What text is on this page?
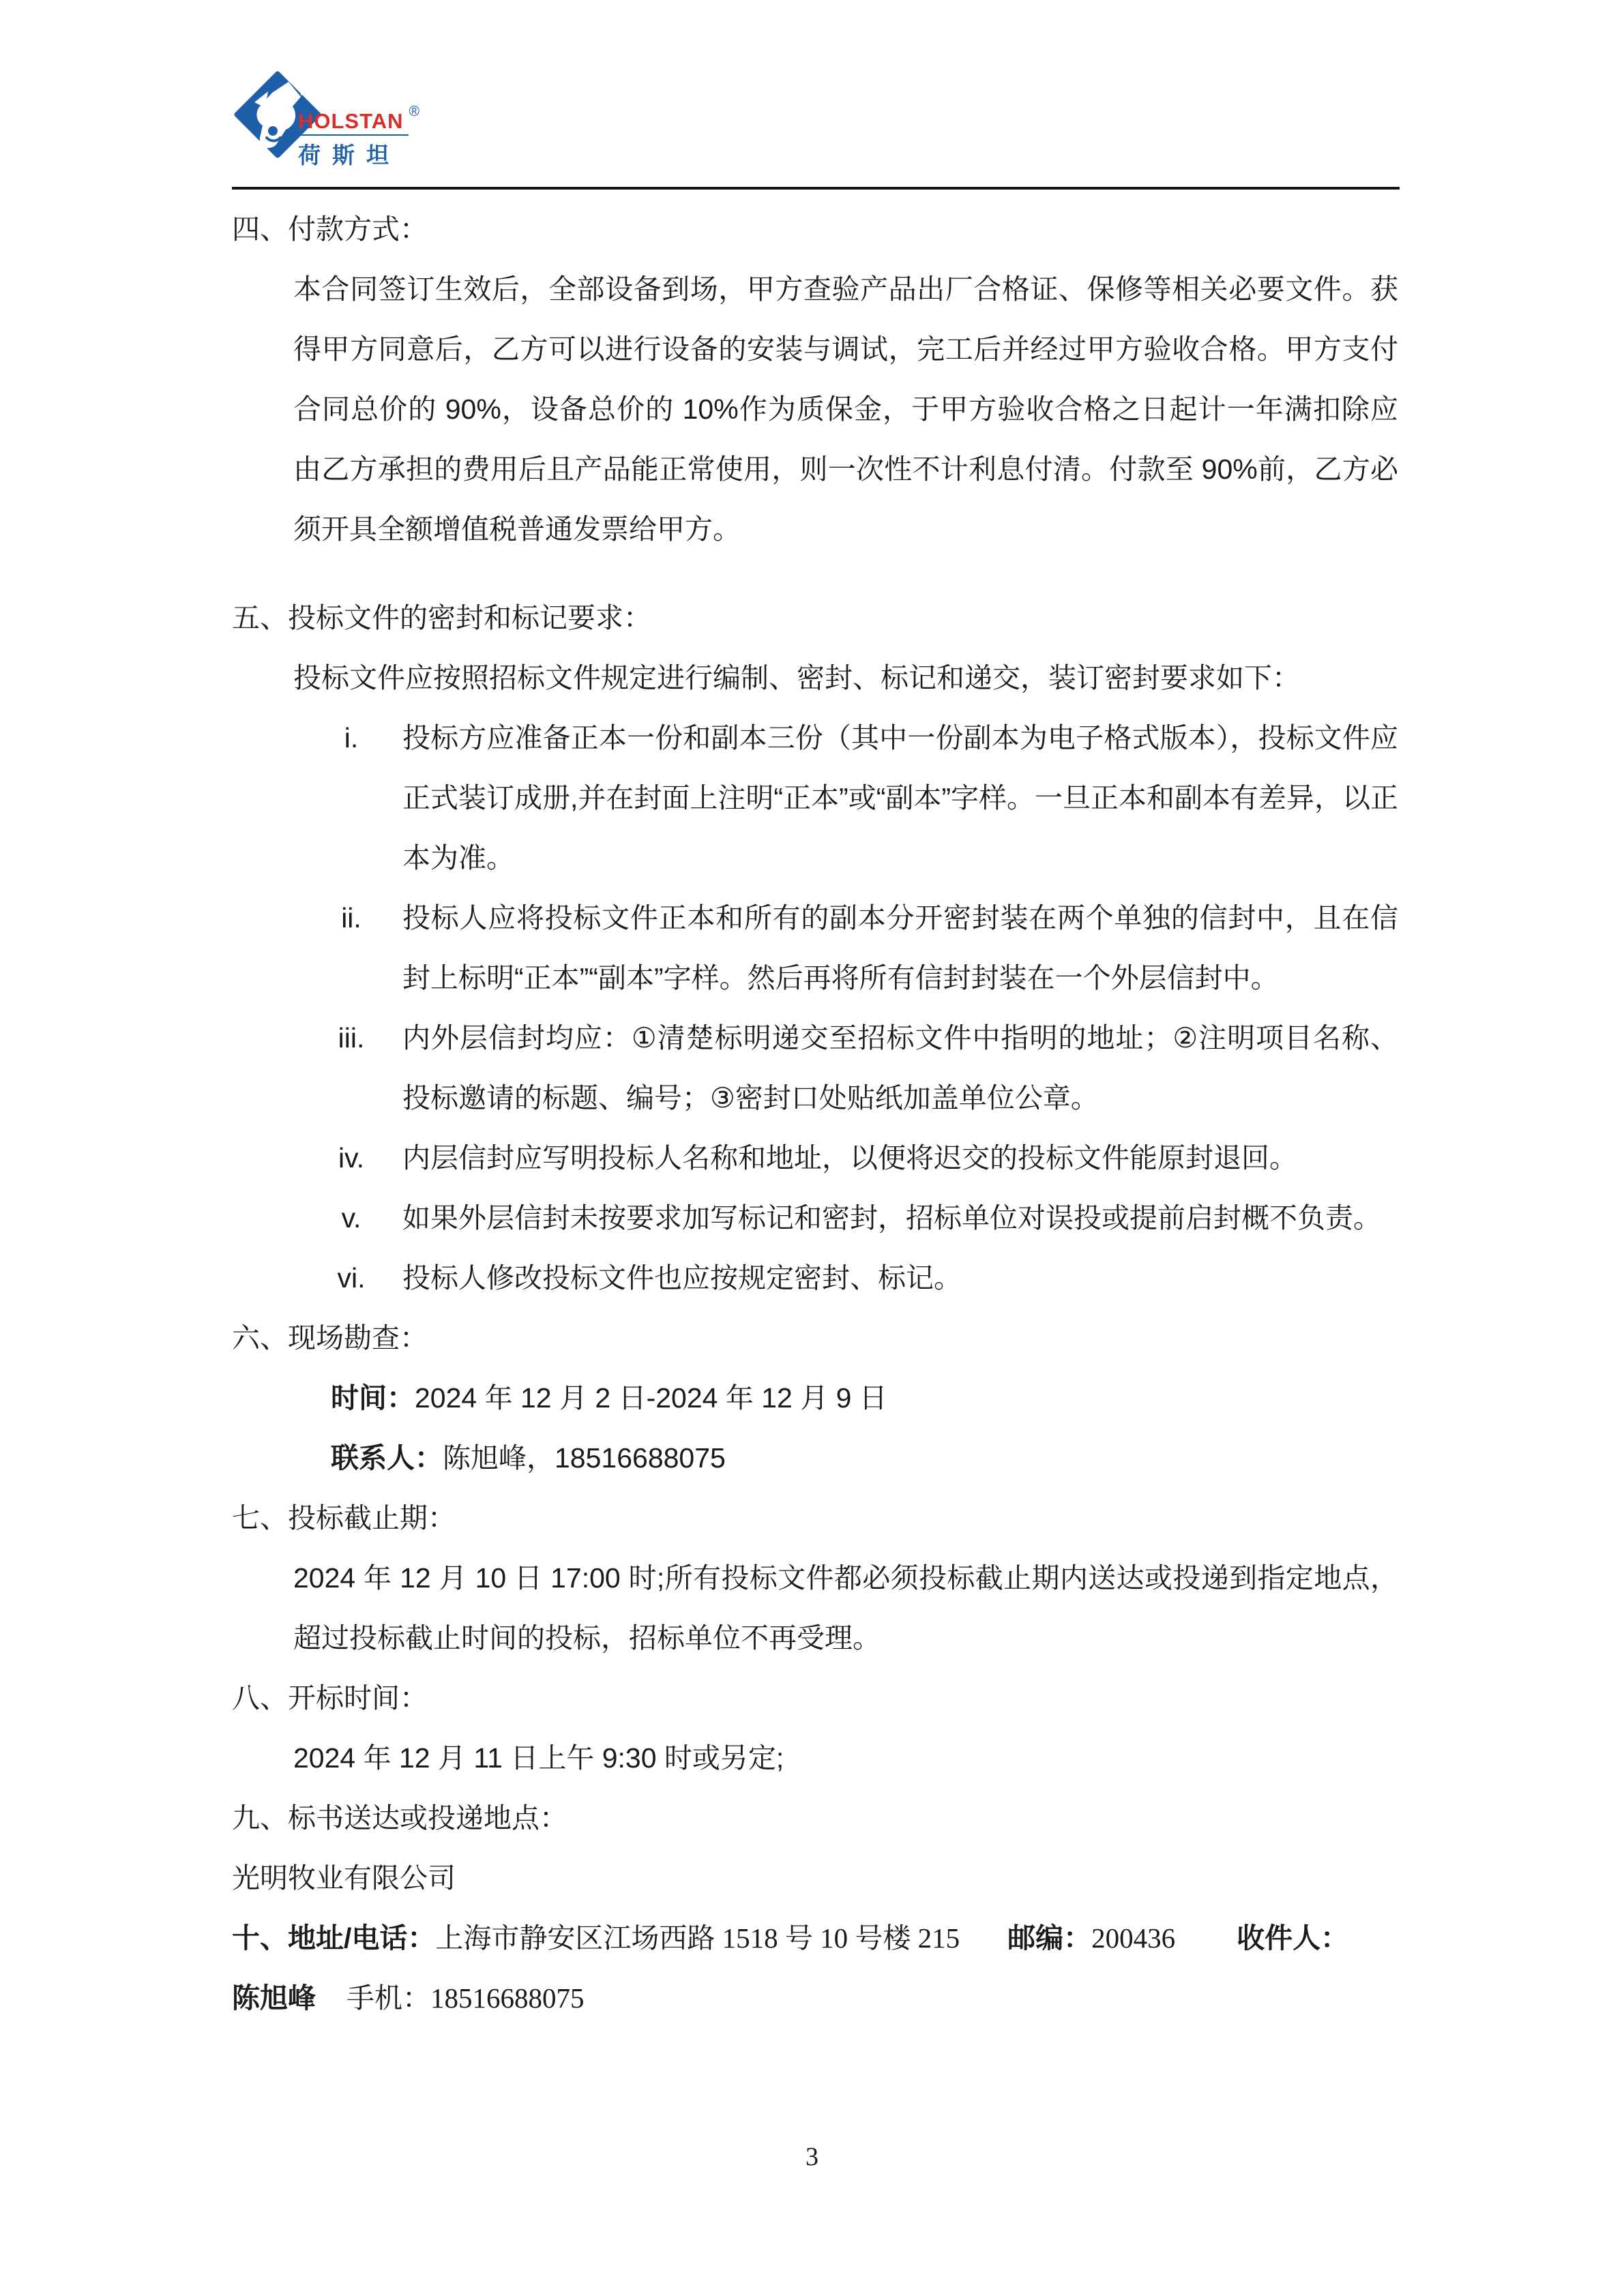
HOLSTAN ®
荷斯坦
四、付款方式：
本合同签订生效后，全部设备到场，甲方查验产品出厂合格证、保修等相关必要文件。获得甲方同意后，乙方可以进行设备的安装与调试，完工后并经过甲方验收合格。甲方支付合同总价的 90%，设备总价的 10%作为质保金，于甲方验收合格之日起计一年满扣除应由乙方承担的费用后且产品能正常使用，则一次性不计利息付清。付款至 90%前，乙方必须开具全额增值税普通发票给甲方。
五、投标文件的密封和标记要求：
投标文件应按照招标文件规定进行编制、密封、标记和递交，装订密封要求如下：
i.	投标方应准备正本一份和副本三份（其中一份副本为电子格式版本），投标文件应正式装订成册,并在封面上注明“正本”或“副本”字样。一旦正本和副本有差异，以正本为准。
ii.	投标人应将投标文件正本和所有的副本分开密封装在两个单独的信封中，且在信封上标明“正本”“副本”字样。然后再将所有信封封装在一个外层信封中。
iii.	内外层信封均应：①清楚标明递交至招标文件中指明的地址；②注明项目名称、投标邀请的标题、编号；③密封口处贴纸加盖单位公章。
iv.	内层信封应写明投标人名称和地址，以便将迟交的投标文件能原封退回。
v.	如果外层信封未按要求加写标记和密封，招标单位对误投或提前启封概不负责。
vi.	投标人修改投标文件也应按规定密封、标记。
六、现场勘查：
时间：2024 年 12 月 2 日-2024 年 12 月 9 日
联系人：陈旭峰，18516688075
七、投标截止期：
2024 年 12 月 10 日 17:00 时;所有投标文件都必须投标截止期内送达或投递到指定地点，超过投标截止时间的投标，招标单位不再受理。
八、开标时间：
2024 年 12 月 11 日上午 9:30 时或另定;
九、标书送达或投递地点：
光明牧业有限公司
十、地址/电话：上海市静安区江场西路 1518 号 10 号楼 215 邮编：200436 收件人：
陈旭峰 手机：18516688075
3
